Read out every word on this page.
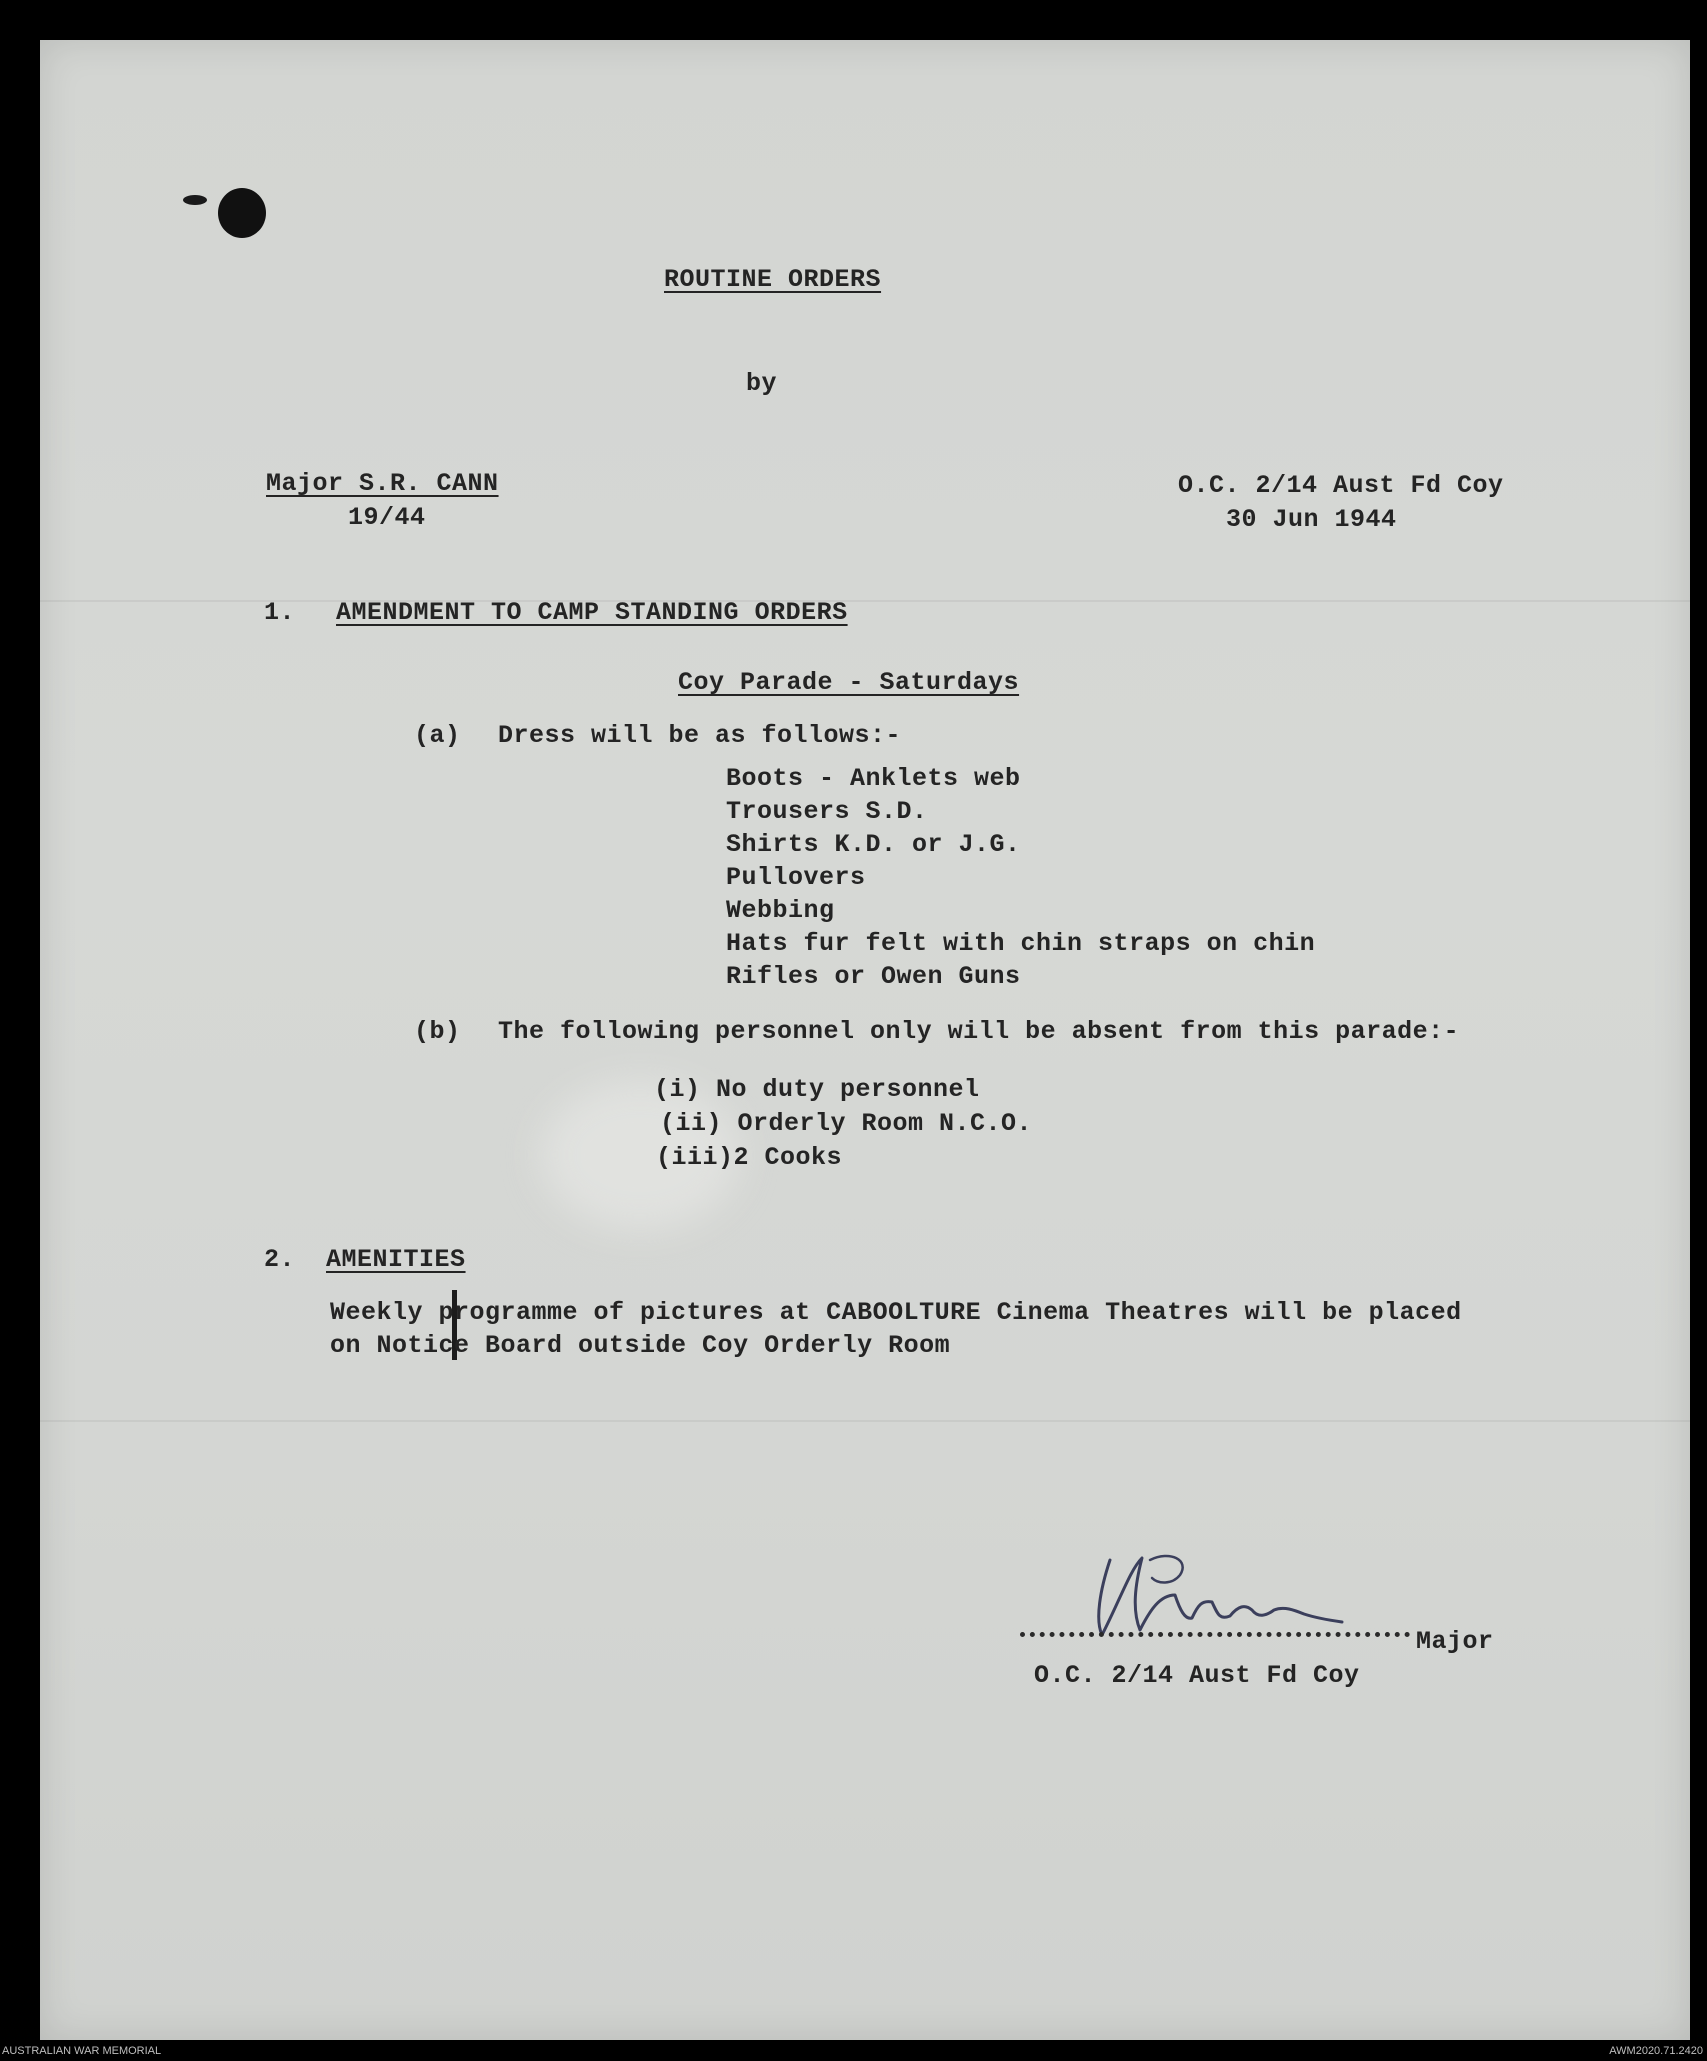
ROUTINE ORDERS
by
Major S.R. CANN
19/44
O.C. 2/14 Aust Fd Coy
30 Jun 1944
1. AMENDMENT TO CAMP STANDING ORDERS
Coy Parade - Saturdays
(a) Dress will be as follows:-
Boots - Anklets web
Trousers S.D.
Shirts K.D. or J.G.
Pullovers
Webbing
Hats fur felt with chin straps on chin
Rifles or Owen Guns
(b) The following personnel only will be absent from this parade:-
(i) No duty personnel
(ii) Orderly Room N.C.O.
(iii)2 Cooks
2. AMENITIES
Weekly programme of pictures at CABOOLTURE Cinema Theatres will be placed
on Notice Board outside Coy Orderly Room
Major
O.C. 2/14 Aust Fd Coy
AUSTRALIAN WAR MEMORIAL	AWM2020.71.2420
